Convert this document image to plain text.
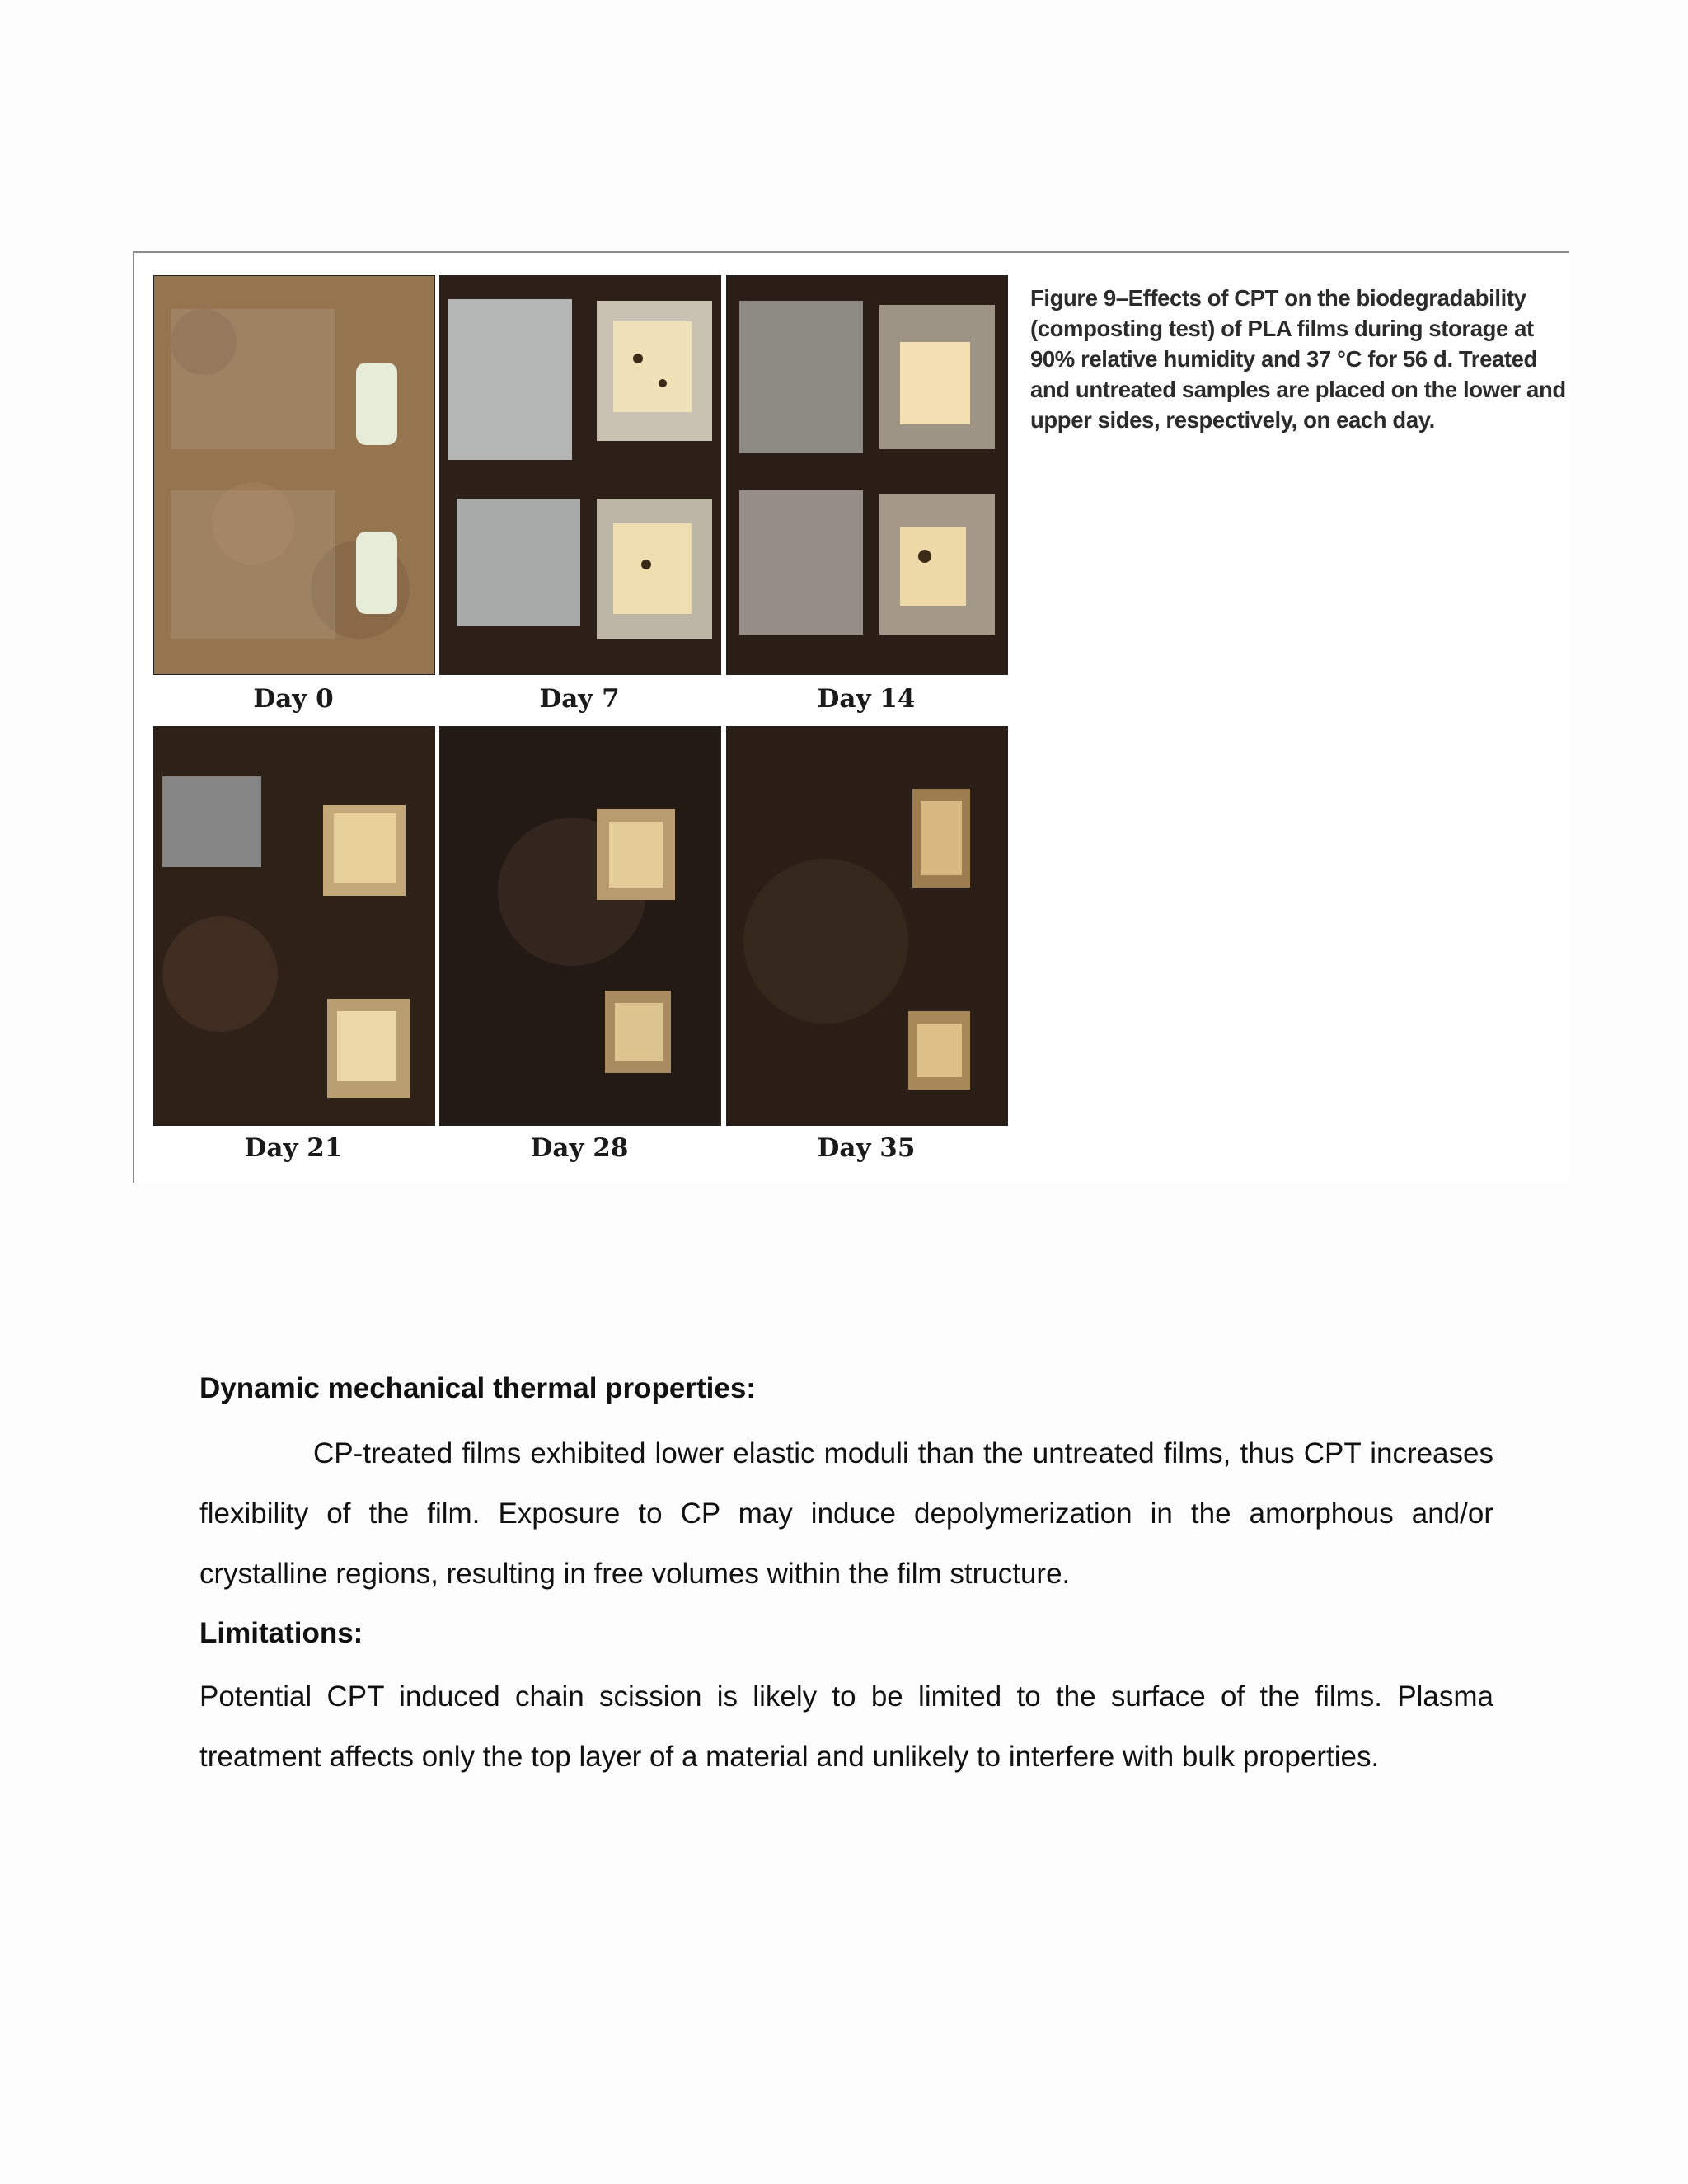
Day 0	Day 7	Day 14
Day 21	Day 28	Day 35
Figure 9–Effects of CPT on the biodegradability (composting test) of PLA films during storage at 90% relative humidity and 37 °C for 56 d. Treated and untreated samples are placed on the lower and upper sides, respectively, on each day.
Dynamic mechanical thermal properties:
CP-treated films exhibited lower elastic moduli than the untreated films, thus CPT increases flexibility of the film. Exposure to CP may induce depolymerization in the amorphous and/or crystalline regions, resulting in free volumes within the film structure.
Limitations:
Potential CPT induced chain scission is likely to be limited to the surface of the films. Plasma treatment affects only the top layer of a material and unlikely to interfere with bulk properties.
